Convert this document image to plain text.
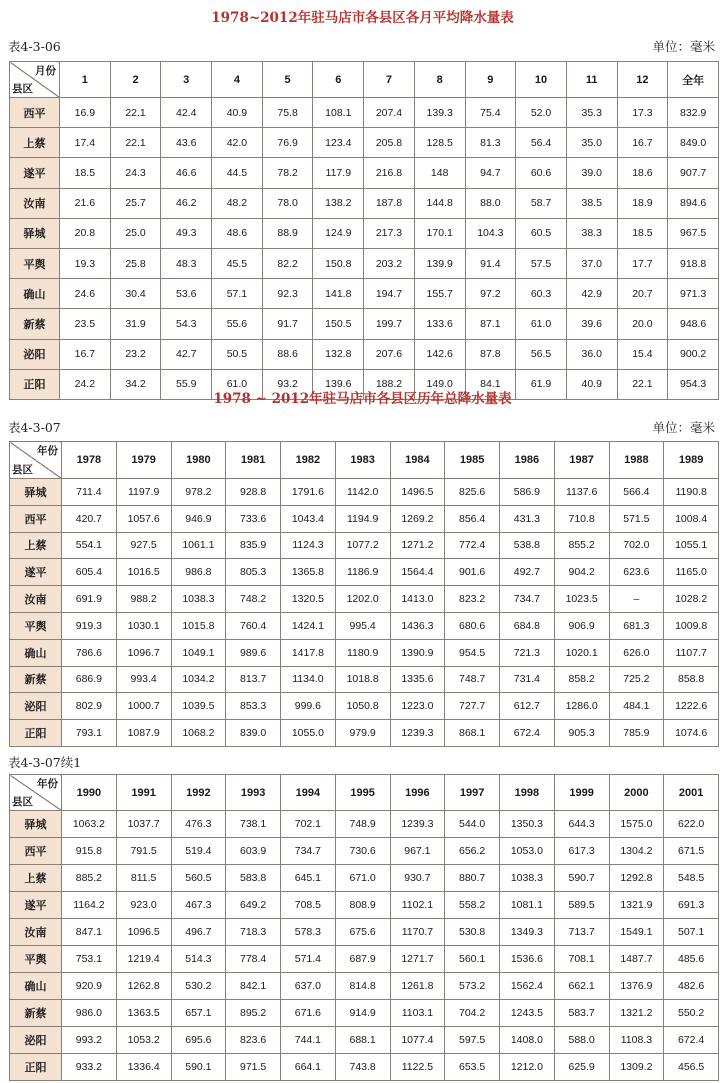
1978~2012年驻马店市各县区各月平均降水量表
表4-3-06	单位：毫米
月份
县区	1	2	3	4	5	6	7	8	9	10	11	12	全年
西平	16.9	22.1	42.4	40.9	75.8	108.1	207.4	139.3	75.4	52.0	35.3	17.3	832.9
上蔡	17.4	22.1	43.6	42.0	76.9	123.4	205.8	128.5	81.3	56.4	35.0	16.7	849.0
遂平	18.5	24.3	46.6	44.5	78.2	117.9	216.8	148	94.7	60.6	39.0	18.6	907.7
汝南	21.6	25.7	46.2	48.2	78.0	138.2	187.8	144.8	88.0	58.7	38.5	18.9	894.6
驿城	20.8	25.0	49.3	48.6	88.9	124.9	217.3	170.1	104.3	60.5	38.3	18.5	967.5
平舆	19.3	25.8	48.3	45.5	82.2	150.8	203.2	139.9	91.4	57.5	37.0	17.7	918.8
确山	24.6	30.4	53.6	57.1	92.3	141.8	194.7	155.7	97.2	60.3	42.9	20.7	971.3
新蔡	23.5	31.9	54.3	55.6	91.7	150.5	199.7	133.6	87.1	61.0	39.6	20.0	948.6
泌阳	16.7	23.2	42.7	50.5	88.6	132.8	207.6	142.6	87.8	56.5	36.0	15.4	900.2
正阳	24.2	34.2	55.9	61.0	93.2	139.6	188.2	149.0	84.1	61.9	40.9	22.1	954.3
1978 ~ 2012年驻马店市各县区历年总降水量表
表4-3-07	单位：毫米
年份
县区	1978	1979	1980	1981	1982	1983	1984	1985	1986	1987	1988	1989
驿城	711.4	1197.9	978.2	928.8	1791.6	1142.0	1496.5	825.6	586.9	1137.6	566.4	1190.8
西平	420.7	1057.6	946.9	733.6	1043.4	1194.9	1269.2	856.4	431.3	710.8	571.5	1008.4
上蔡	554.1	927.5	1061.1	835.9	1124.3	1077.2	1271.2	772.4	538.8	855.2	702.0	1055.1
遂平	605.4	1016.5	986.8	805.3	1365.8	1186.9	1564.4	901.6	492.7	904.2	623.6	1165.0
汝南	691.9	988.2	1038.3	748.2	1320.5	1202.0	1413.0	823.2	734.7	1023.5	–	1028.2
平舆	919.3	1030.1	1015.8	760.4	1424.1	995.4	1436.3	680.6	684.8	906.9	681.3	1009.8
确山	786.6	1096.7	1049.1	989.6	1417.8	1180.9	1390.9	954.5	721.3	1020.1	626.0	1107.7
新蔡	686.9	993.4	1034.2	813.7	1134.0	1018.8	1335.6	748.7	731.4	858.2	725.2	858.8
泌阳	802.9	1000.7	1039.5	853.3	999.6	1050.8	1223.0	727.7	612.7	1286.0	484.1	1222.6
正阳	793.1	1087.9	1068.2	839.0	1055.0	979.9	1239.3	868.1	672.4	905.3	785.9	1074.6
表4-3-07续1
年份
县区	1990	1991	1992	1993	1994	1995	1996	1997	1998	1999	2000	2001
驿城	1063.2	1037.7	476.3	738.1	702.1	748.9	1239.3	544.0	1350.3	644.3	1575.0	622.0
西平	915.8	791.5	519.4	603.9	734.7	730.6	967.1	656.2	1053.0	617.3	1304.2	671.5
上蔡	885.2	811.5	560.5	583.8	645.1	671.0	930.7	880.7	1038.3	590.7	1292.8	548.5
遂平	1164.2	923.0	467.3	649.2	708.5	808.9	1102.1	558.2	1081.1	589.5	1321.9	691.3
汝南	847.1	1096.5	496.7	718.3	578.3	675.6	1170.7	530.8	1349.3	713.7	1549.1	507.1
平舆	753.1	1219.4	514.3	778.4	571.4	687.9	1271.7	560.1	1536.6	708.1	1487.7	485.6
确山	920.9	1262.8	530.2	842.1	637.0	814.8	1261.8	573.2	1562.4	662.1	1376.9	482.6
新蔡	986.0	1363.5	657.1	895.2	671.6	914.9	1103.1	704.2	1243.5	583.7	1321.2	550.2
泌阳	993.2	1053.2	695.6	823.6	744.1	688.1	1077.4	597.5	1408.0	588.0	1108.3	672.4
正阳	933.2	1336.4	590.1	971.5	664.1	743.8	1122.5	653.5	1212.0	625.9	1309.2	456.5
